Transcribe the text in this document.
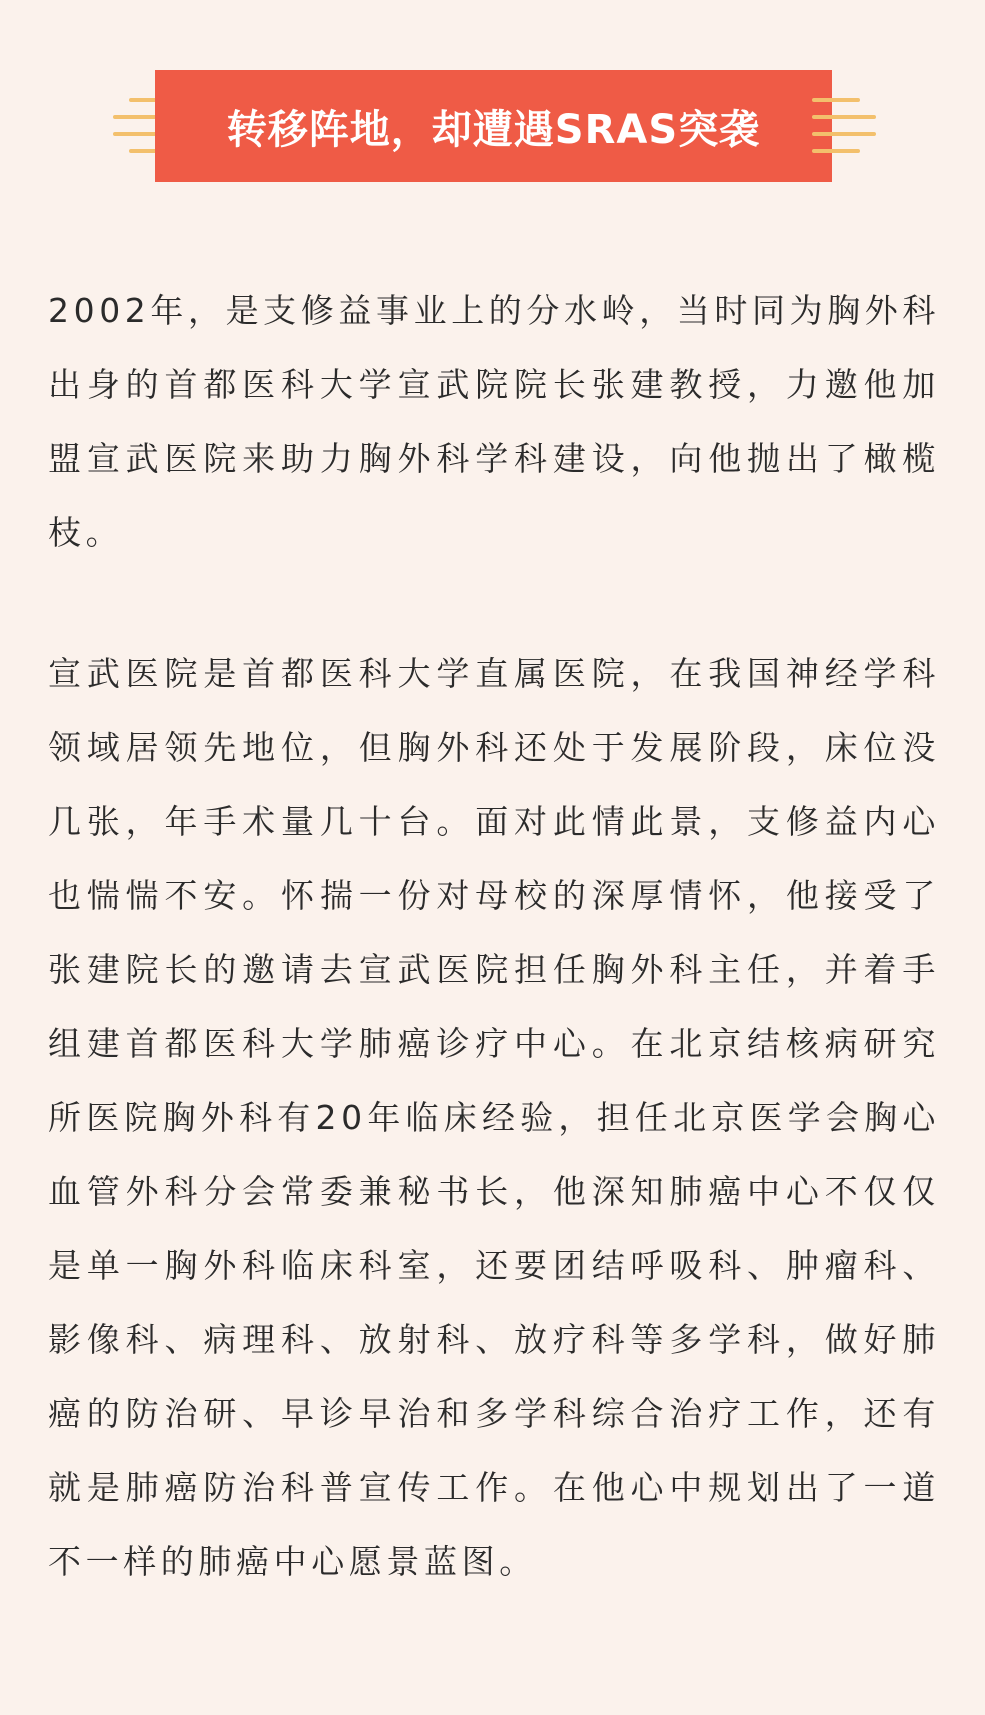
转移阵地，却遭遇SRAS突袭

2002年，是支修益事业上的分水岭，当时同为胸外科出身的首都医科大学宣武院院长张建教授，力邀他加盟宣武医院来助力胸外科学科建设，向他抛出了橄榄枝。

宣武医院是首都医科大学直属医院，在我国神经学科领域居领先地位，但胸外科还处于发展阶段，床位没几张，年手术量几十台。面对此情此景，支修益内心也惴惴不安。怀揣一份对母校的深厚情怀，他接受了张建院长的邀请去宣武医院担任胸外科主任，并着手组建首都医科大学肺癌诊疗中心。在北京结核病研究所医院胸外科有20年临床经验，担任北京医学会胸心血管外科分会常委兼秘书长，他深知肺癌中心不仅仅是单一胸外科临床科室，还要团结呼吸科、肿瘤科、影像科、病理科、放射科、放疗科等多学科，做好肺癌的防治研、早诊早治和多学科综合治疗工作，还有就是肺癌防治科普宣传工作。在他心中规划出了一道不一样的肺癌中心愿景蓝图。
